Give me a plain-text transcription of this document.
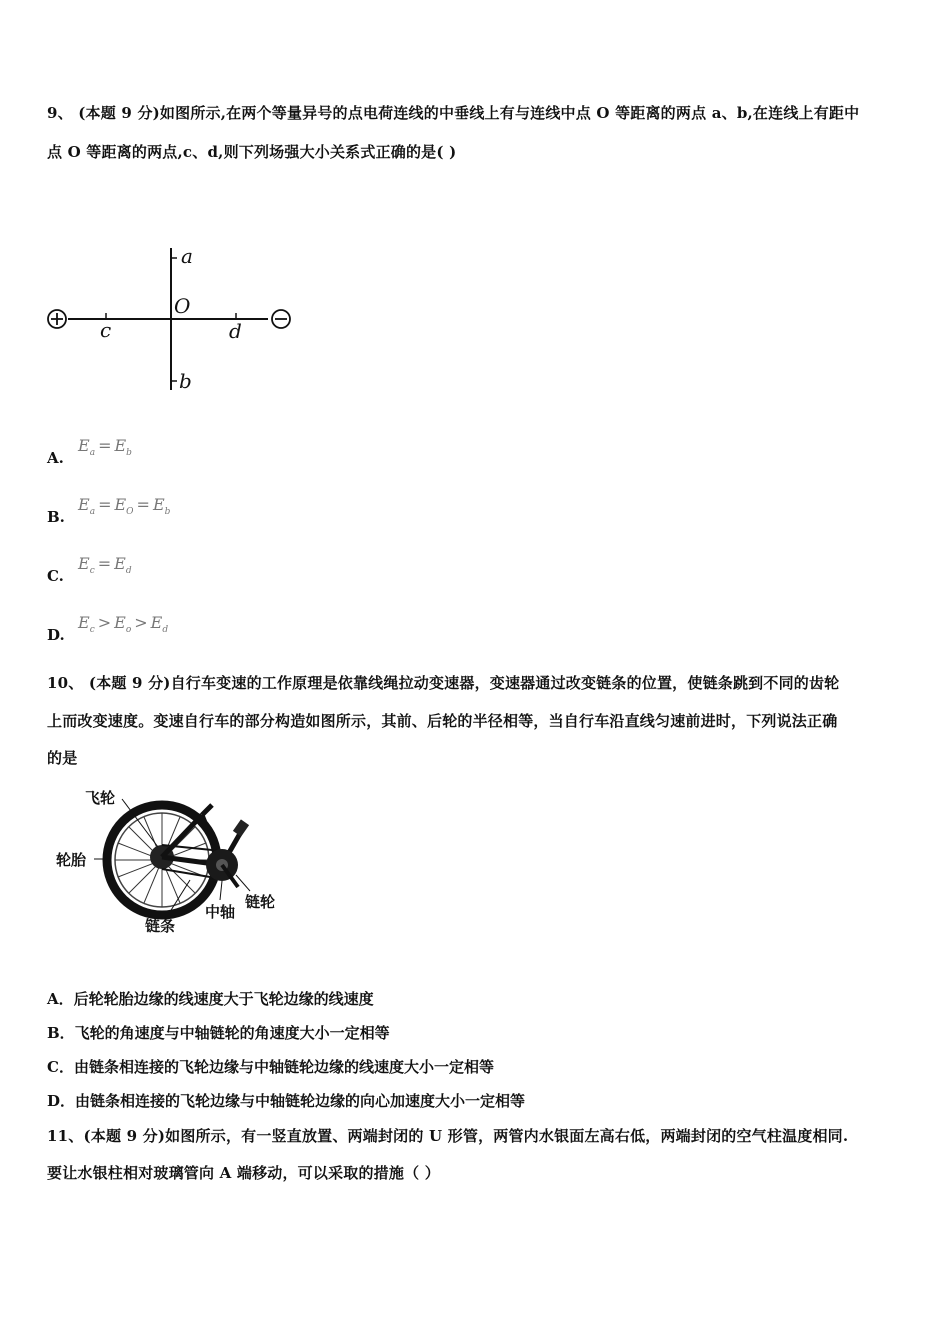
9、 (本题 9 分)如图所示,在两个等量异号的点电荷连线的中垂线上有与连线中点 O 等距离的两点 a、b,在连线上有距中
点 O 等距离的两点,c、d,则下列场强大小关系式正确的是( )
a
O
c	d
b
A.
$E_a = E_b$
B.
$E_a = E_O = E_b$
C.
$E_c = E_d$
D.
$E_c > E_o > E_d$
10、 (本题 9 分)自行车变速的工作原理是依靠线绳拉动变速器，变速器通过改变链条的位置，使链条跳到不同的齿轮
上而改变速度。变速自行车的部分构造如图所示，其前、后轮的半径相等，当自行车沿直线匀速前进时，下列说法正确
的是
飞轮
轮胎
链条
中轴
链轮
A．后轮轮胎边缘的线速度大于飞轮边缘的线速度
B．飞轮的角速度与中轴链轮的角速度大小一定相等
C．由链条相连接的飞轮边缘与中轴链轮边缘的线速度大小一定相等
D．由链条相连接的飞轮边缘与中轴链轮边缘的向心加速度大小一定相等
11、(本题 9 分)如图所示，有一竖直放置、两端封闭的 U 形管，两管内水银面左高右低，两端封闭的空气柱温度相同.
要让水银柱相对玻璃管向 A 端移动，可以采取的措施（ ）
